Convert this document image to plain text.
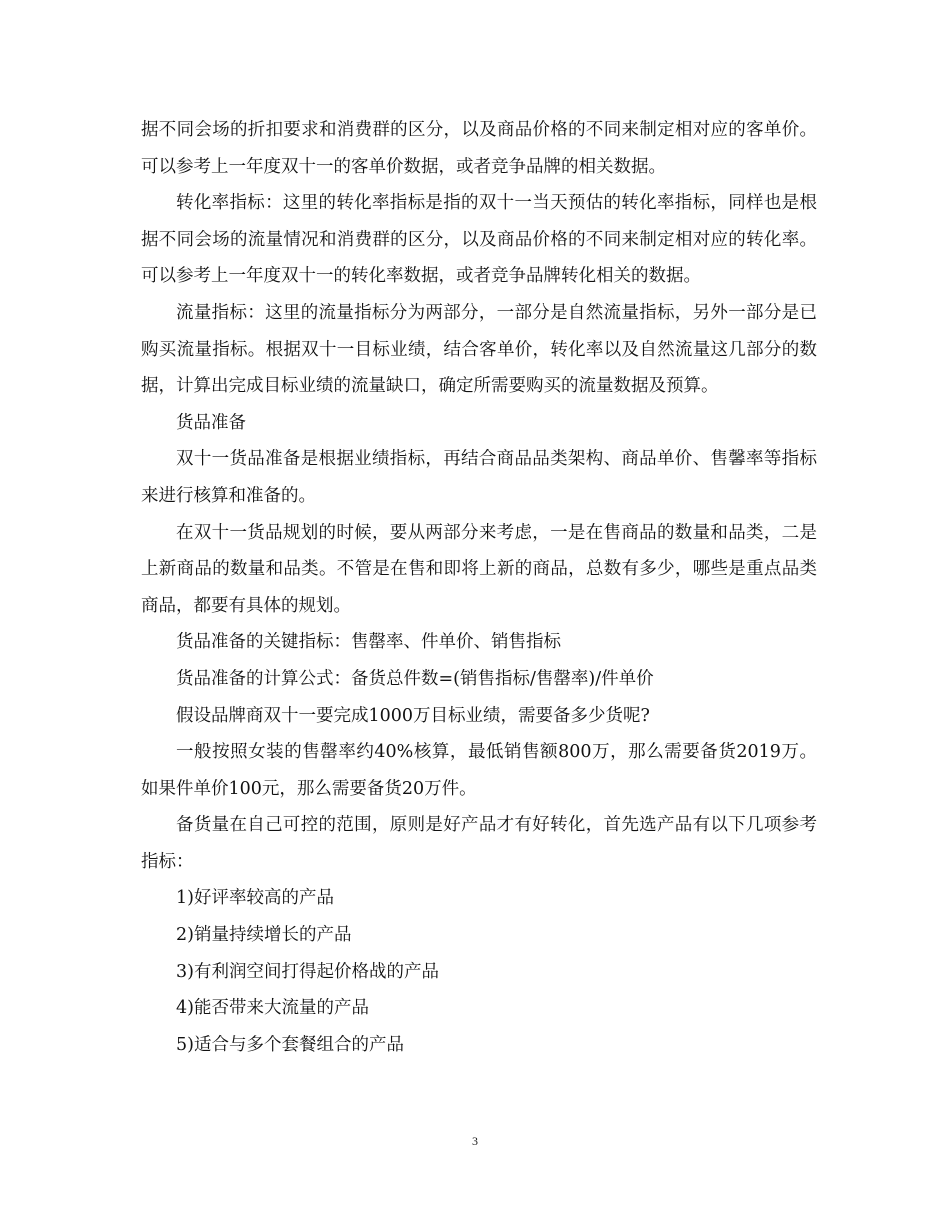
据不同会场的折扣要求和消费群的区分，以及商品价格的不同来制定相对应的客单价。可以参考上一年度双十一的客单价数据，或者竞争品牌的相关数据。

转化率指标：这里的转化率指标是指的双十一当天预估的转化率指标，同样也是根据不同会场的流量情况和消费群的区分，以及商品价格的不同来制定相对应的转化率。可以参考上一年度双十一的转化率数据，或者竞争品牌转化相关的数据。

流量指标：这里的流量指标分为两部分，一部分是自然流量指标，另外一部分是已购买流量指标。根据双十一目标业绩，结合客单价，转化率以及自然流量这几部分的数据，计算出完成目标业绩的流量缺口，确定所需要购买的流量数据及预算。

货品准备

双十一货品准备是根据业绩指标，再结合商品品类架构、商品单价、售馨率等指标来进行核算和准备的。

在双十一货品规划的时候，要从两部分来考虑，一是在售商品的数量和品类，二是上新商品的数量和品类。不管是在售和即将上新的商品，总数有多少，哪些是重点品类商品，都要有具体的规划。

货品准备的关键指标：售罄率、件单价、销售指标

货品准备的计算公式：备货总件数=(销售指标/售罄率)/件单价

假设品牌商双十一要完成1000万目标业绩，需要备多少货呢?

一般按照女装的售罄率约40%核算，最低销售额800万，那么需要备货2019万。如果件单价100元，那么需要备货20万件。

备货量在自己可控的范围，原则是好产品才有好转化，首先选产品有以下几项参考指标：

1)好评率较高的产品

2)销量持续增长的产品

3)有利润空间打得起价格战的产品

4)能否带来大流量的产品

5)适合与多个套餐组合的产品

3
